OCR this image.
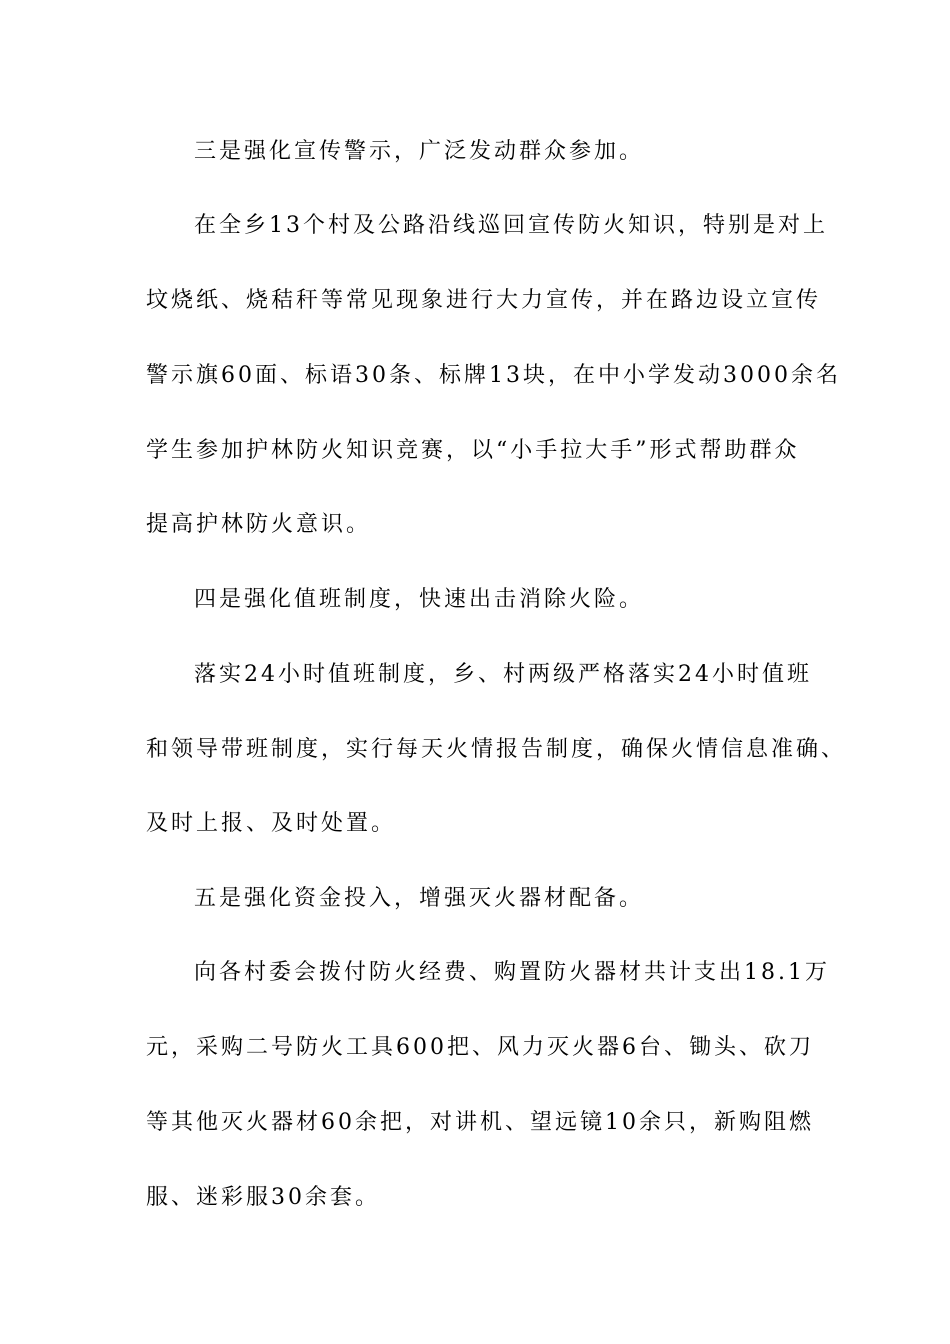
三是强化宣传警示，广泛发动群众参加。
在全乡13个村及公路沿线巡回宣传防火知识，特别是对上
坟烧纸、烧秸秆等常见现象进行大力宣传，并在路边设立宣传
警示旗60面、标语30条、标牌13块，在中小学发动3000余名
学生参加护林防火知识竞赛，以“小手拉大手”形式帮助群众
提高护林防火意识。
四是强化值班制度，快速出击消除火险。
落实24小时值班制度，乡、村两级严格落实24小时值班
和领导带班制度，实行每天火情报告制度，确保火情信息准确、
及时上报、及时处置。
五是强化资金投入，增强灭火器材配备。
向各村委会拨付防火经费、购置防火器材共计支出18.1万
元，采购二号防火工具600把、风力灭火器6台、锄头、砍刀
等其他灭火器材60余把，对讲机、望远镜10余只，新购阻燃
服、迷彩服30余套。
